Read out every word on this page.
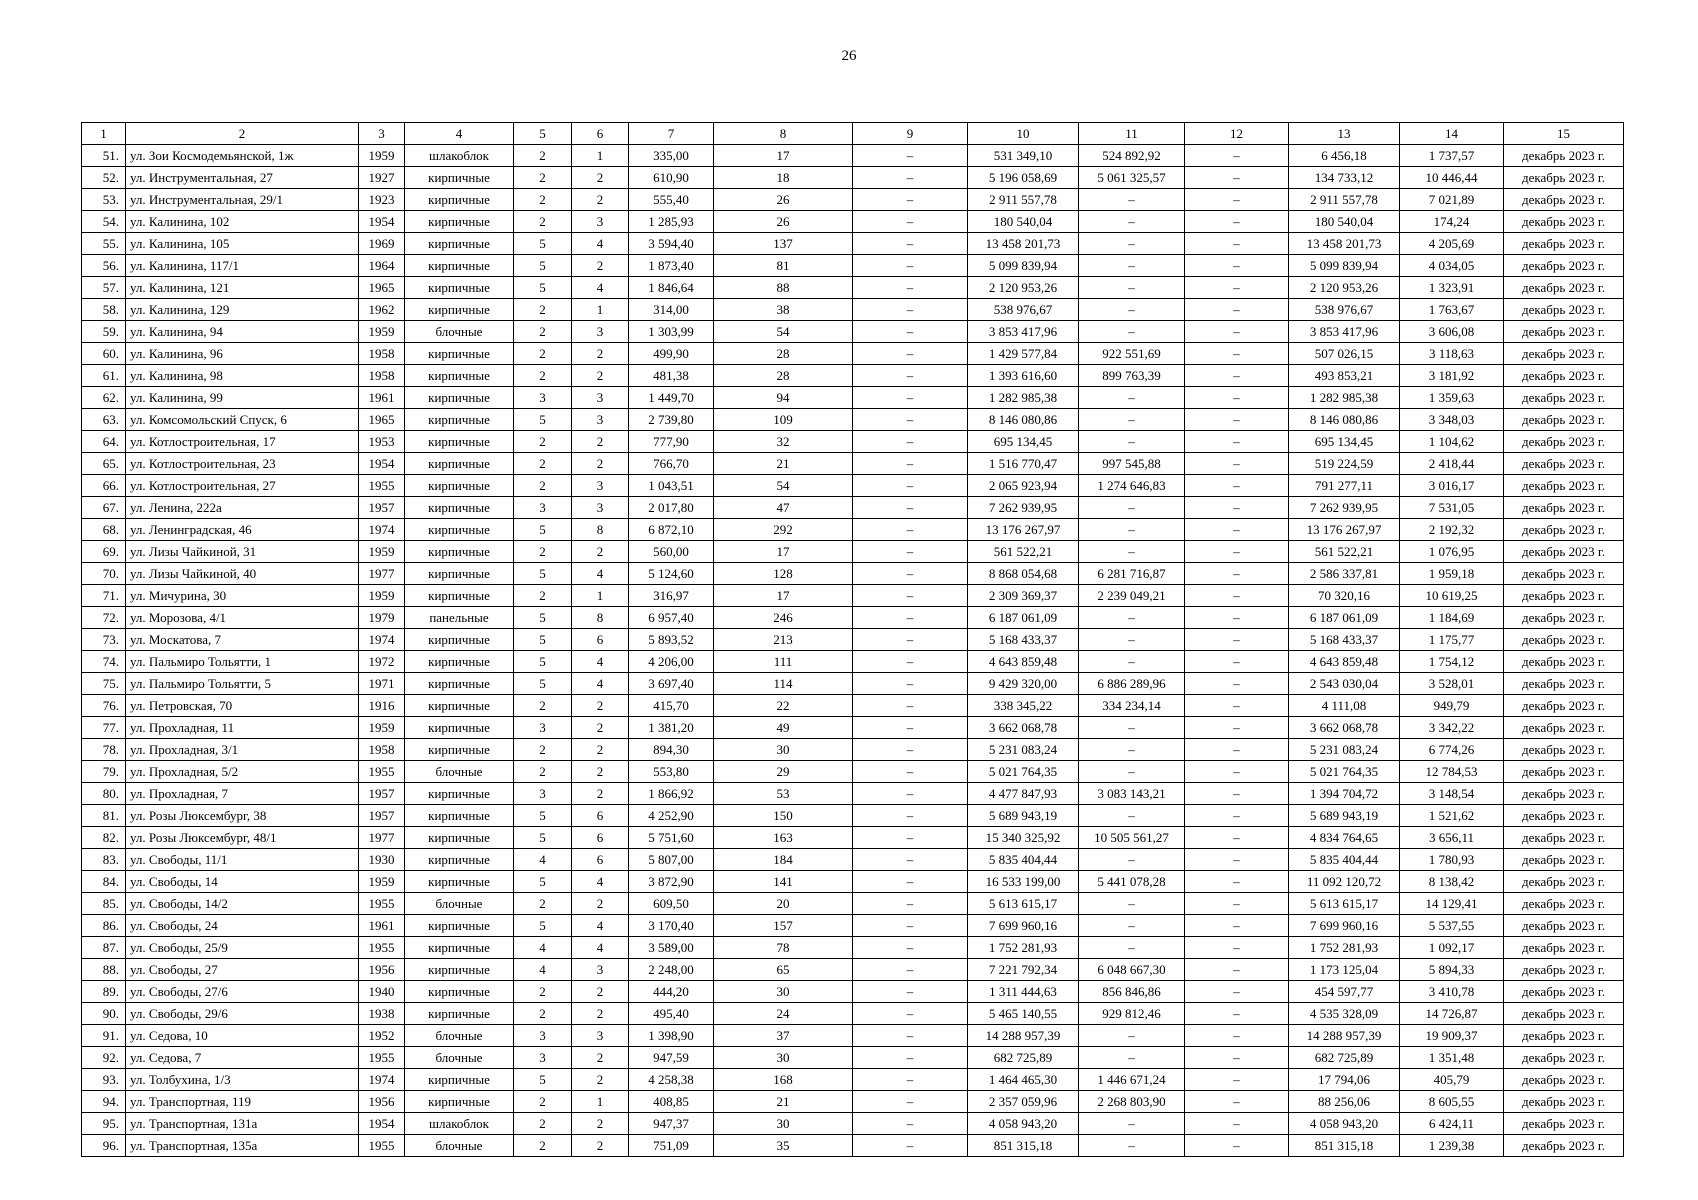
26
1	2	3	4	5	6	7	8	9	10	11	12	13	14	15
51.	ул. Зои Космодемьянской, 1ж	1959	шлакоблок	2	1	335,00	17	–	531 349,10	524 892,92	–	6 456,18	1 737,57	декабрь 2023 г.
52.	ул. Инструментальная, 27	1927	кирпичные	2	2	610,90	18	–	5 196 058,69	5 061 325,57	–	134 733,12	10 446,44	декабрь 2023 г.
53.	ул. Инструментальная, 29/1	1923	кирпичные	2	2	555,40	26	–	2 911 557,78	–	–	2 911 557,78	7 021,89	декабрь 2023 г.
54.	ул. Калинина, 102	1954	кирпичные	2	3	1 285,93	26	–	180 540,04	–	–	180 540,04	174,24	декабрь 2023 г.
55.	ул. Калинина, 105	1969	кирпичные	5	4	3 594,40	137	–	13 458 201,73	–	–	13 458 201,73	4 205,69	декабрь 2023 г.
56.	ул. Калинина, 117/1	1964	кирпичные	5	2	1 873,40	81	–	5 099 839,94	–	–	5 099 839,94	4 034,05	декабрь 2023 г.
57.	ул. Калинина, 121	1965	кирпичные	5	4	1 846,64	88	–	2 120 953,26	–	–	2 120 953,26	1 323,91	декабрь 2023 г.
58.	ул. Калинина, 129	1962	кирпичные	2	1	314,00	38	–	538 976,67	–	–	538 976,67	1 763,67	декабрь 2023 г.
59.	ул. Калинина, 94	1959	блочные	2	3	1 303,99	54	–	3 853 417,96	–	–	3 853 417,96	3 606,08	декабрь 2023 г.
60.	ул. Калинина, 96	1958	кирпичные	2	2	499,90	28	–	1 429 577,84	922 551,69	–	507 026,15	3 118,63	декабрь 2023 г.
61.	ул. Калинина, 98	1958	кирпичные	2	2	481,38	28	–	1 393 616,60	899 763,39	–	493 853,21	3 181,92	декабрь 2023 г.
62.	ул. Калинина, 99	1961	кирпичные	3	3	1 449,70	94	–	1 282 985,38	–	–	1 282 985,38	1 359,63	декабрь 2023 г.
63.	ул. Комсомольский Спуск, 6	1965	кирпичные	5	3	2 739,80	109	–	8 146 080,86	–	–	8 146 080,86	3 348,03	декабрь 2023 г.
64.	ул. Котлостроительная, 17	1953	кирпичные	2	2	777,90	32	–	695 134,45	–	–	695 134,45	1 104,62	декабрь 2023 г.
65.	ул. Котлостроительная, 23	1954	кирпичные	2	2	766,70	21	–	1 516 770,47	997 545,88	–	519 224,59	2 418,44	декабрь 2023 г.
66.	ул. Котлостроительная, 27	1955	кирпичные	2	3	1 043,51	54	–	2 065 923,94	1 274 646,83	–	791 277,11	3 016,17	декабрь 2023 г.
67.	ул. Ленина, 222а	1957	кирпичные	3	3	2 017,80	47	–	7 262 939,95	–	–	7 262 939,95	7 531,05	декабрь 2023 г.
68.	ул. Ленинградская, 46	1974	кирпичные	5	8	6 872,10	292	–	13 176 267,97	–	–	13 176 267,97	2 192,32	декабрь 2023 г.
69.	ул. Лизы Чайкиной, 31	1959	кирпичные	2	2	560,00	17	–	561 522,21	–	–	561 522,21	1 076,95	декабрь 2023 г.
70.	ул. Лизы Чайкиной, 40	1977	кирпичные	5	4	5 124,60	128	–	8 868 054,68	6 281 716,87	–	2 586 337,81	1 959,18	декабрь 2023 г.
71.	ул. Мичурина, 30	1959	кирпичные	2	1	316,97	17	–	2 309 369,37	2 239 049,21	–	70 320,16	10 619,25	декабрь 2023 г.
72.	ул. Морозова, 4/1	1979	панельные	5	8	6 957,40	246	–	6 187 061,09	–	–	6 187 061,09	1 184,69	декабрь 2023 г.
73.	ул. Москатова, 7	1974	кирпичные	5	6	5 893,52	213	–	5 168 433,37	–	–	5 168 433,37	1 175,77	декабрь 2023 г.
74.	ул. Пальмиро Тольятти, 1	1972	кирпичные	5	4	4 206,00	111	–	4 643 859,48	–	–	4 643 859,48	1 754,12	декабрь 2023 г.
75.	ул. Пальмиро Тольятти, 5	1971	кирпичные	5	4	3 697,40	114	–	9 429 320,00	6 886 289,96	–	2 543 030,04	3 528,01	декабрь 2023 г.
76.	ул. Петровская, 70	1916	кирпичные	2	2	415,70	22	–	338 345,22	334 234,14	–	4 111,08	949,79	декабрь 2023 г.
77.	ул. Прохладная, 11	1959	кирпичные	3	2	1 381,20	49	–	3 662 068,78	–	–	3 662 068,78	3 342,22	декабрь 2023 г.
78.	ул. Прохладная, 3/1	1958	кирпичные	2	2	894,30	30	–	5 231 083,24	–	–	5 231 083,24	6 774,26	декабрь 2023 г.
79.	ул. Прохладная, 5/2	1955	блочные	2	2	553,80	29	–	5 021 764,35	–	–	5 021 764,35	12 784,53	декабрь 2023 г.
80.	ул. Прохладная, 7	1957	кирпичные	3	2	1 866,92	53	–	4 477 847,93	3 083 143,21	–	1 394 704,72	3 148,54	декабрь 2023 г.
81.	ул. Розы Люксембург, 38	1957	кирпичные	5	6	4 252,90	150	–	5 689 943,19	–	–	5 689 943,19	1 521,62	декабрь 2023 г.
82.	ул. Розы Люксембург, 48/1	1977	кирпичные	5	6	5 751,60	163	–	15 340 325,92	10 505 561,27	–	4 834 764,65	3 656,11	декабрь 2023 г.
83.	ул. Свободы, 11/1	1930	кирпичные	4	6	5 807,00	184	–	5 835 404,44	–	–	5 835 404,44	1 780,93	декабрь 2023 г.
84.	ул. Свободы, 14	1959	кирпичные	5	4	3 872,90	141	–	16 533 199,00	5 441 078,28	–	11 092 120,72	8 138,42	декабрь 2023 г.
85.	ул. Свободы, 14/2	1955	блочные	2	2	609,50	20	–	5 613 615,17	–	–	5 613 615,17	14 129,41	декабрь 2023 г.
86.	ул. Свободы, 24	1961	кирпичные	5	4	3 170,40	157	–	7 699 960,16	–	–	7 699 960,16	5 537,55	декабрь 2023 г.
87.	ул. Свободы, 25/9	1955	кирпичные	4	4	3 589,00	78	–	1 752 281,93	–	–	1 752 281,93	1 092,17	декабрь 2023 г.
88.	ул. Свободы, 27	1956	кирпичные	4	3	2 248,00	65	–	7 221 792,34	6 048 667,30	–	1 173 125,04	5 894,33	декабрь 2023 г.
89.	ул. Свободы, 27/6	1940	кирпичные	2	2	444,20	30	–	1 311 444,63	856 846,86	–	454 597,77	3 410,78	декабрь 2023 г.
90.	ул. Свободы, 29/6	1938	кирпичные	2	2	495,40	24	–	5 465 140,55	929 812,46	–	4 535 328,09	14 726,87	декабрь 2023 г.
91.	ул. Седова, 10	1952	блочные	3	3	1 398,90	37	–	14 288 957,39	–	–	14 288 957,39	19 909,37	декабрь 2023 г.
92.	ул. Седова, 7	1955	блочные	3	2	947,59	30	–	682 725,89	–	–	682 725,89	1 351,48	декабрь 2023 г.
93.	ул. Толбухина, 1/3	1974	кирпичные	5	2	4 258,38	168	–	1 464 465,30	1 446 671,24	–	17 794,06	405,79	декабрь 2023 г.
94.	ул. Транспортная, 119	1956	кирпичные	2	1	408,85	21	–	2 357 059,96	2 268 803,90	–	88 256,06	8 605,55	декабрь 2023 г.
95.	ул. Транспортная, 131а	1954	шлакоблок	2	2	947,37	30	–	4 058 943,20	–	–	4 058 943,20	6 424,11	декабрь 2023 г.
96.	ул. Транспортная, 135а	1955	блочные	2	2	751,09	35	–	851 315,18	–	–	851 315,18	1 239,38	декабрь 2023 г.
